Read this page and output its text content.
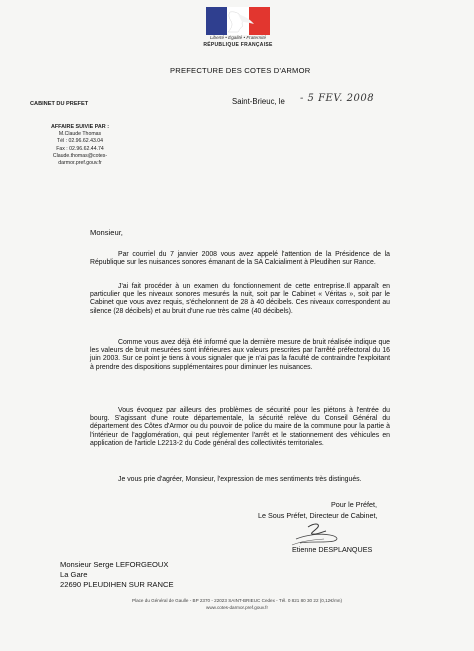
Liberté • Égalité • Fraternité
RÉPUBLIQUE FRANÇAISE
PREFECTURE DES COTES D'ARMOR
CABINET DU PREFET	Saint-Brieuc, le - 5 FEV. 2008
AFFAIRE SUIVIE PAR :
M.Claude Thomas
Tél : 02.96.62.43.04
Fax : 02.96.62.44.74
Claude.thomas@cotes-
darmor.pref.gouv.fr
Monsieur,

Par courriel du 7 janvier 2008 vous avez appelé l'attention de la Présidence de la République sur les nuisances sonores émanant de la SA Calcialiment à Pleudihen sur Rance.

J'ai fait procéder à un examen du fonctionnement de cette entreprise.Il apparaît en particulier que les niveaux sonores mesurés la nuit, soit par le Cabinet « Véritas », soit par le Cabinet que vous avez requis, s'échelonnent de 28 à 40 décibels. Ces niveaux correspondent au silence (28 décibels) et au bruit d'une rue très calme (40 décibels).

Comme vous avez déjà été informé que la dernière mesure de bruit réalisée indique que les valeurs de bruit mesurées sont inférieures aux valeurs prescrites par l'arrêté préfectoral du 16 juin 2003. Sur ce point je tiens à vous signaler que je n'ai pas la faculté de contraindre l'exploitant à prendre des dispositions supplémentaires pour diminuer les nuisances.

Vous évoquez par ailleurs des problèmes de sécurité pour les piétons à l'entrée du bourg. S'agissant d'une route départementale, la sécurité relève du Conseil Général du département des Côtes d'Armor ou du pouvoir de police du maire de la commune pour la partie à l'intérieur de l'agglomération, qui peut réglementer l'arrêt et le stationnement des véhicules en application de l'article L2213-2 du Code général des collectivités territoriales.

Je vous prie d'agréer, Monsieur, l'expression de mes sentiments très distingués.

Pour le Préfet,
Le Sous Préfet, Directeur de Cabinet,
Etienne DESPLANQUES
Monsieur Serge LEFORGEOUX
La Gare
22690 PLEUDIHEN SUR RANCE
Place du Général de Gaulle - BP 2370 - 22023 SAINT-BRIEUC Cedex - Tél. 0 821 80 30 22 (0,12€/mn)
www.cotes-darmor.pref.gouv.fr
